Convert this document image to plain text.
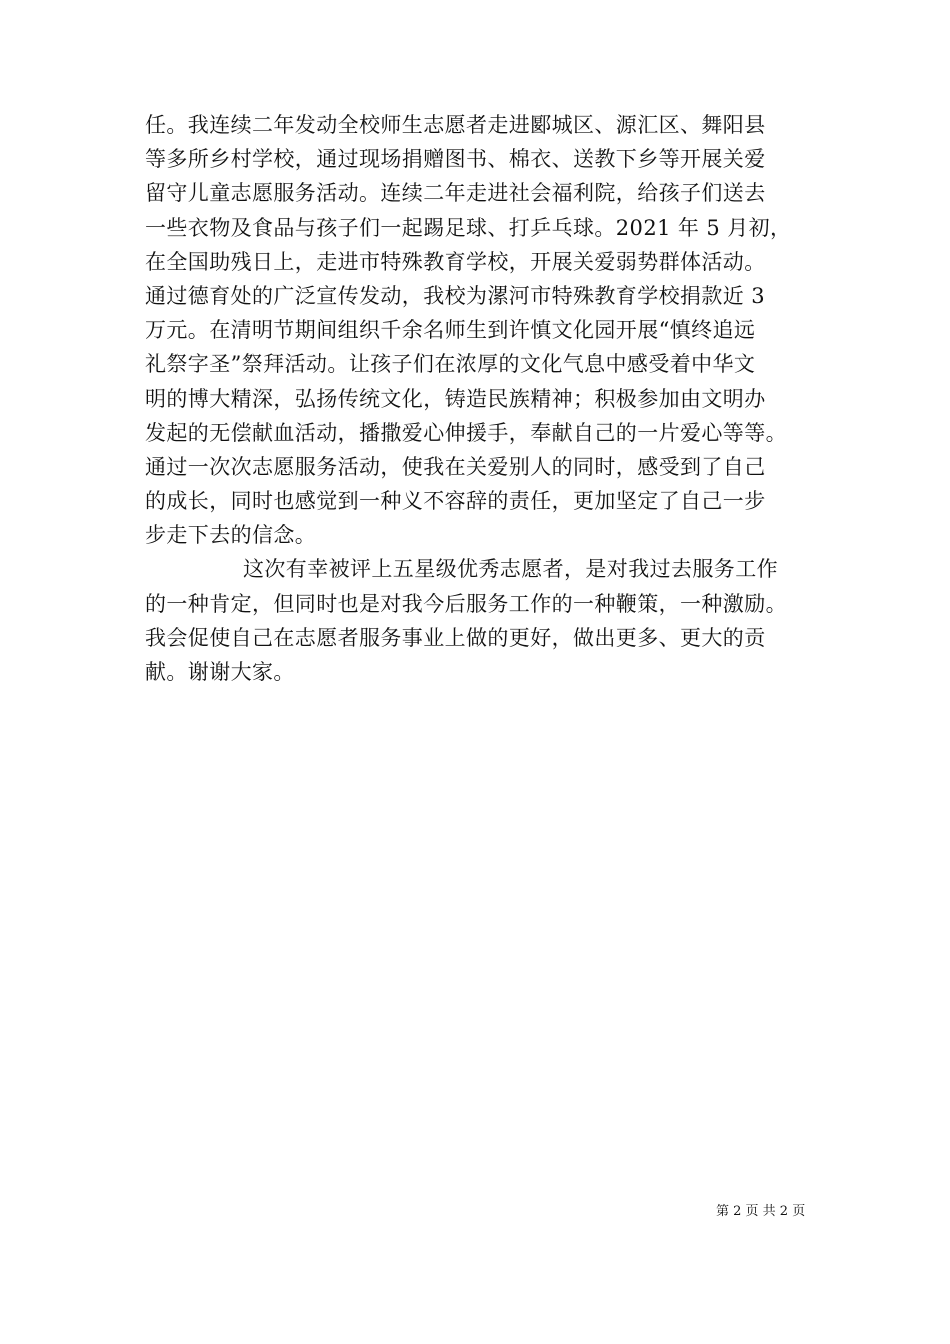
任。我连续二年发动全校师生志愿者走进郾城区、源汇区、舞阳县
等多所乡村学校，通过现场捐赠图书、棉衣、送教下乡等开展关爱
留守儿童志愿服务活动。连续二年走进社会福利院，给孩子们送去
一些衣物及食品与孩子们一起踢足球、打乒乓球。2021 年 5 月初，
在全国助残日上，走进市特殊教育学校，开展关爱弱势群体活动。
通过德育处的广泛宣传发动，我校为漯河市特殊教育学校捐款近 3
万元。在清明节期间组织千余名师生到许慎文化园开展“慎终追远
礼祭字圣”祭拜活动。让孩子们在浓厚的文化气息中感受着中华文
明的博大精深，弘扬传统文化，铸造民族精神；积极参加由文明办
发起的无偿献血活动，播撒爱心伸援手，奉献自己的一片爱心等等。
通过一次次志愿服务活动，使我在关爱别人的同时，感受到了自己
的成长，同时也感觉到一种义不容辞的责任，更加坚定了自己一步
步走下去的信念。
这次有幸被评上五星级优秀志愿者，是对我过去服务工作
的一种肯定，但同时也是对我今后服务工作的一种鞭策，一种激励。
我会促使自己在志愿者服务事业上做的更好，做出更多、更大的贡
献。谢谢大家。
第 2 页 共 2 页
